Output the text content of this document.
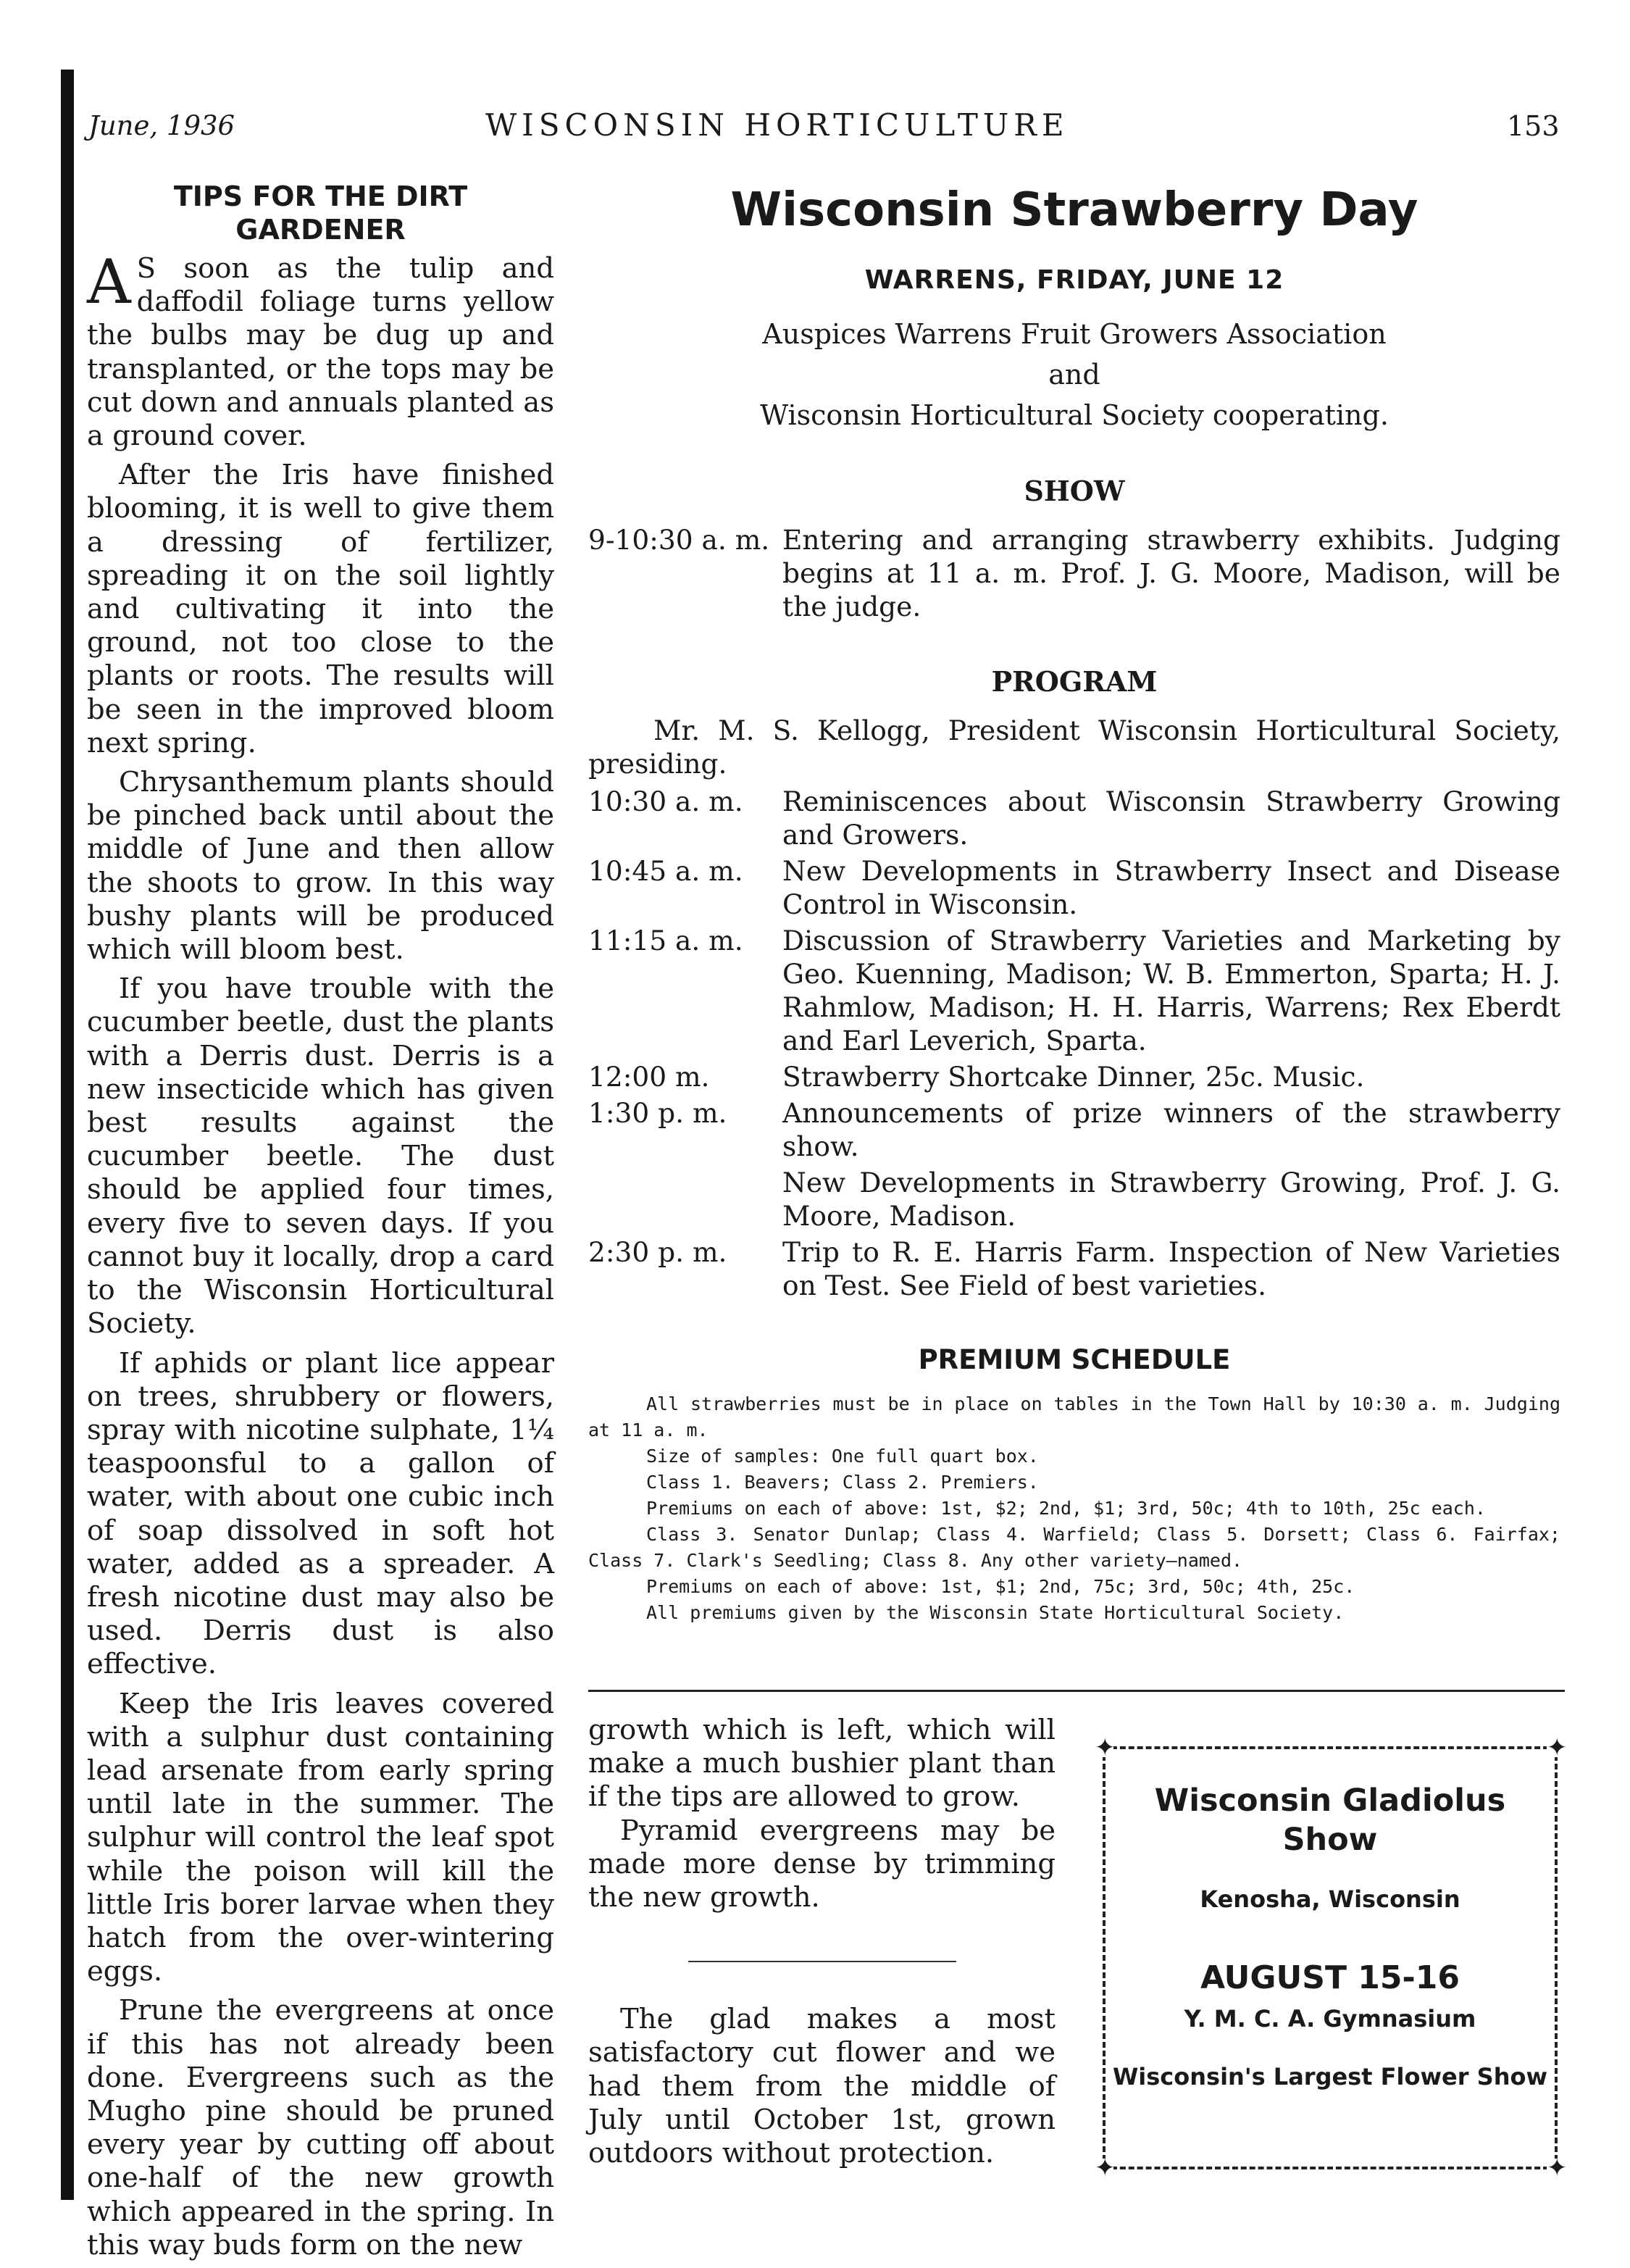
June, 1936	WISCONSIN HORTICULTURE	153
TIPS FOR THE DIRT GARDENER

A S soon as the tulip and daffodil foliage turns yellow the bulbs may be dug up and transplanted, or the tops may be cut down and annuals planted as a ground cover.

After the Iris have finished blooming, it is well to give them a dressing of fertilizer, spreading it on the soil lightly and cultivating it into the ground, not too close to the plants or roots. The results will be seen in the improved bloom next spring.

Chrysanthemum plants should be pinched back until about the middle of June and then allow the shoots to grow. In this way bushy plants will be produced which will bloom best.

If you have trouble with the cucumber beetle, dust the plants with a Derris dust. Derris is a new insecticide which has given best results against the cucumber beetle. The dust should be applied four times, every five to seven days. If you cannot buy it locally, drop a card to the Wisconsin Horticultural Society.

If aphids or plant lice appear on trees, shrubbery or flowers, spray with nicotine sulphate, 1¼ teaspoonsful to a gallon of water, with about one cubic inch of soap dissolved in soft hot water, added as a spreader. A fresh nicotine dust may also be used. Derris dust is also effective.

Keep the Iris leaves covered with a sulphur dust containing lead arsenate from early spring until late in the summer. The sulphur will control the leaf spot while the poison will kill the little Iris borer larvae when they hatch from the over-wintering eggs.

Prune the evergreens at once if this has not already been done. Evergreens such as the Mugho pine should be pruned every year by cutting off about one-half of the new growth which appeared in the spring. In this way buds form on the new

Wisconsin Strawberry Day
WARRENS, FRIDAY, JUNE 12
Auspices Warrens Fruit Growers Association
and
Wisconsin Horticultural Society cooperating.
SHOW
9-10:30 a. m.	Entering and arranging strawberry exhibits. Judging begins at 11 a. m. Prof. J. G. Moore, Madison, will be the judge.
PROGRAM
Mr. M. S. Kellogg, President Wisconsin Horticultural Society, presiding.
10:30 a. m.	Reminiscences about Wisconsin Strawberry Growing and Growers.
10:45 a. m.	New Developments in Strawberry Insect and Disease Control in Wisconsin.
11:15 a. m.	Discussion of Strawberry Varieties and Marketing by Geo. Kuenning, Madison; W. B. Emmerton, Sparta; H. J. Rahmlow, Madison; H. H. Harris, Warrens; Rex Eberdt and Earl Leverich, Sparta.
12:00 m.	Strawberry Shortcake Dinner, 25c. Music.
1:30 p. m.	Announcements of prize winners of the strawberry show.
	New Developments in Strawberry Growing, Prof. J. G. Moore, Madison.
2:30 p. m.	Trip to R. E. Harris Farm. Inspection of New Varieties on Test. See Field of best varieties.
PREMIUM SCHEDULE

All strawberries must be in place on tables in the Town Hall by 10:30 a. m. Judging at 11 a. m.

Size of samples: One full quart box.

Class 1. Beavers; Class 2. Premiers.

Premiums on each of above: 1st, $2; 2nd, $1; 3rd, 50c; 4th to 10th, 25c each.

Class 3. Senator Dunlap; Class 4. Warfield; Class 5. Dorsett; Class 6. Fairfax; Class 7. Clark's Seedling; Class 8. Any other variety—named.

Premiums on each of above: 1st, $1; 2nd, 75c; 3rd, 50c; 4th, 25c.

All premiums given by the Wisconsin State Horticultural Society.

growth which is left, which will make a much bushier plant than if the tips are allowed to grow.

Pyramid evergreens may be made more dense by trimming the new growth.

The glad makes a most satisfactory cut flower and we had them from the middle of July until October 1st, grown outdoors without protection.

✦	✦
✦	✦
Wisconsin Gladiolus Show
Kenosha, Wisconsin
AUGUST 15-16
Y. M. C. A. Gymnasium
Wisconsin's Largest Flower Show
